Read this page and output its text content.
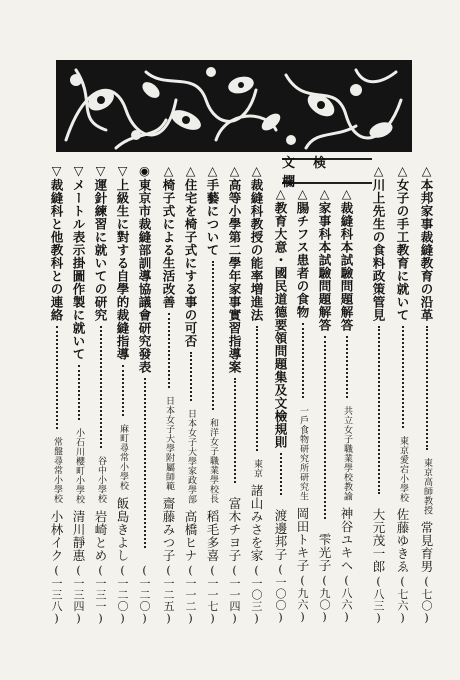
文検欄	△本邦家事裁縫教育の沿革
東京高師教授
常見育男
(七〇)
△女子の手工教育に就いて
東京愛宕小學校
佐藤ゆきゑ
(七六)
△川上先生の食料政策管見
大元茂一郎
(八三)
△裁縫科本試驗問題解答
共立女子職業學校教諭
神谷ユキヘ
(八六)
△家事科本試驗問題解答
雫光子
(九〇)
△腸チフス患者の食物
一戶食物研究所研究生
岡田トキ子
(九六)
△教育大意・國民道德要領問題集及文檢規則
渡邊邦子
(一〇〇)
△裁縫科教授の能率増進法
東京
諸山みさを家
(一〇三)
△高等小學第二學年家事實習指導案
富木チヨ子
(一一四)
△手藝について
和洋女子職業學校長
稻毛多喜
(一一七)
△住宅を椅子式にする事の可否
日本女子大學家政學部
高橋ヒナ
(一一二)
△椅子式による生活改善
日本女子大學附屬師範
齋藤みつ子
(一二五)
◉東京市裁縫部訓導協議會研究發表
(一二〇)
▽上級生に對する自學的裁縫指導
麻町尋常小學校
飯島きよし
(一二〇)
▽運針練習に就いての研究
谷中小學校
岩崎とめ
(一三一)
▽メートル表示掛圖作製に就いて
小石川櫻町小學校
清川靜惠
(一三四)
▽裁縫科と他教科との連絡
常盤尋常小學校
小林イク
(一三八)
